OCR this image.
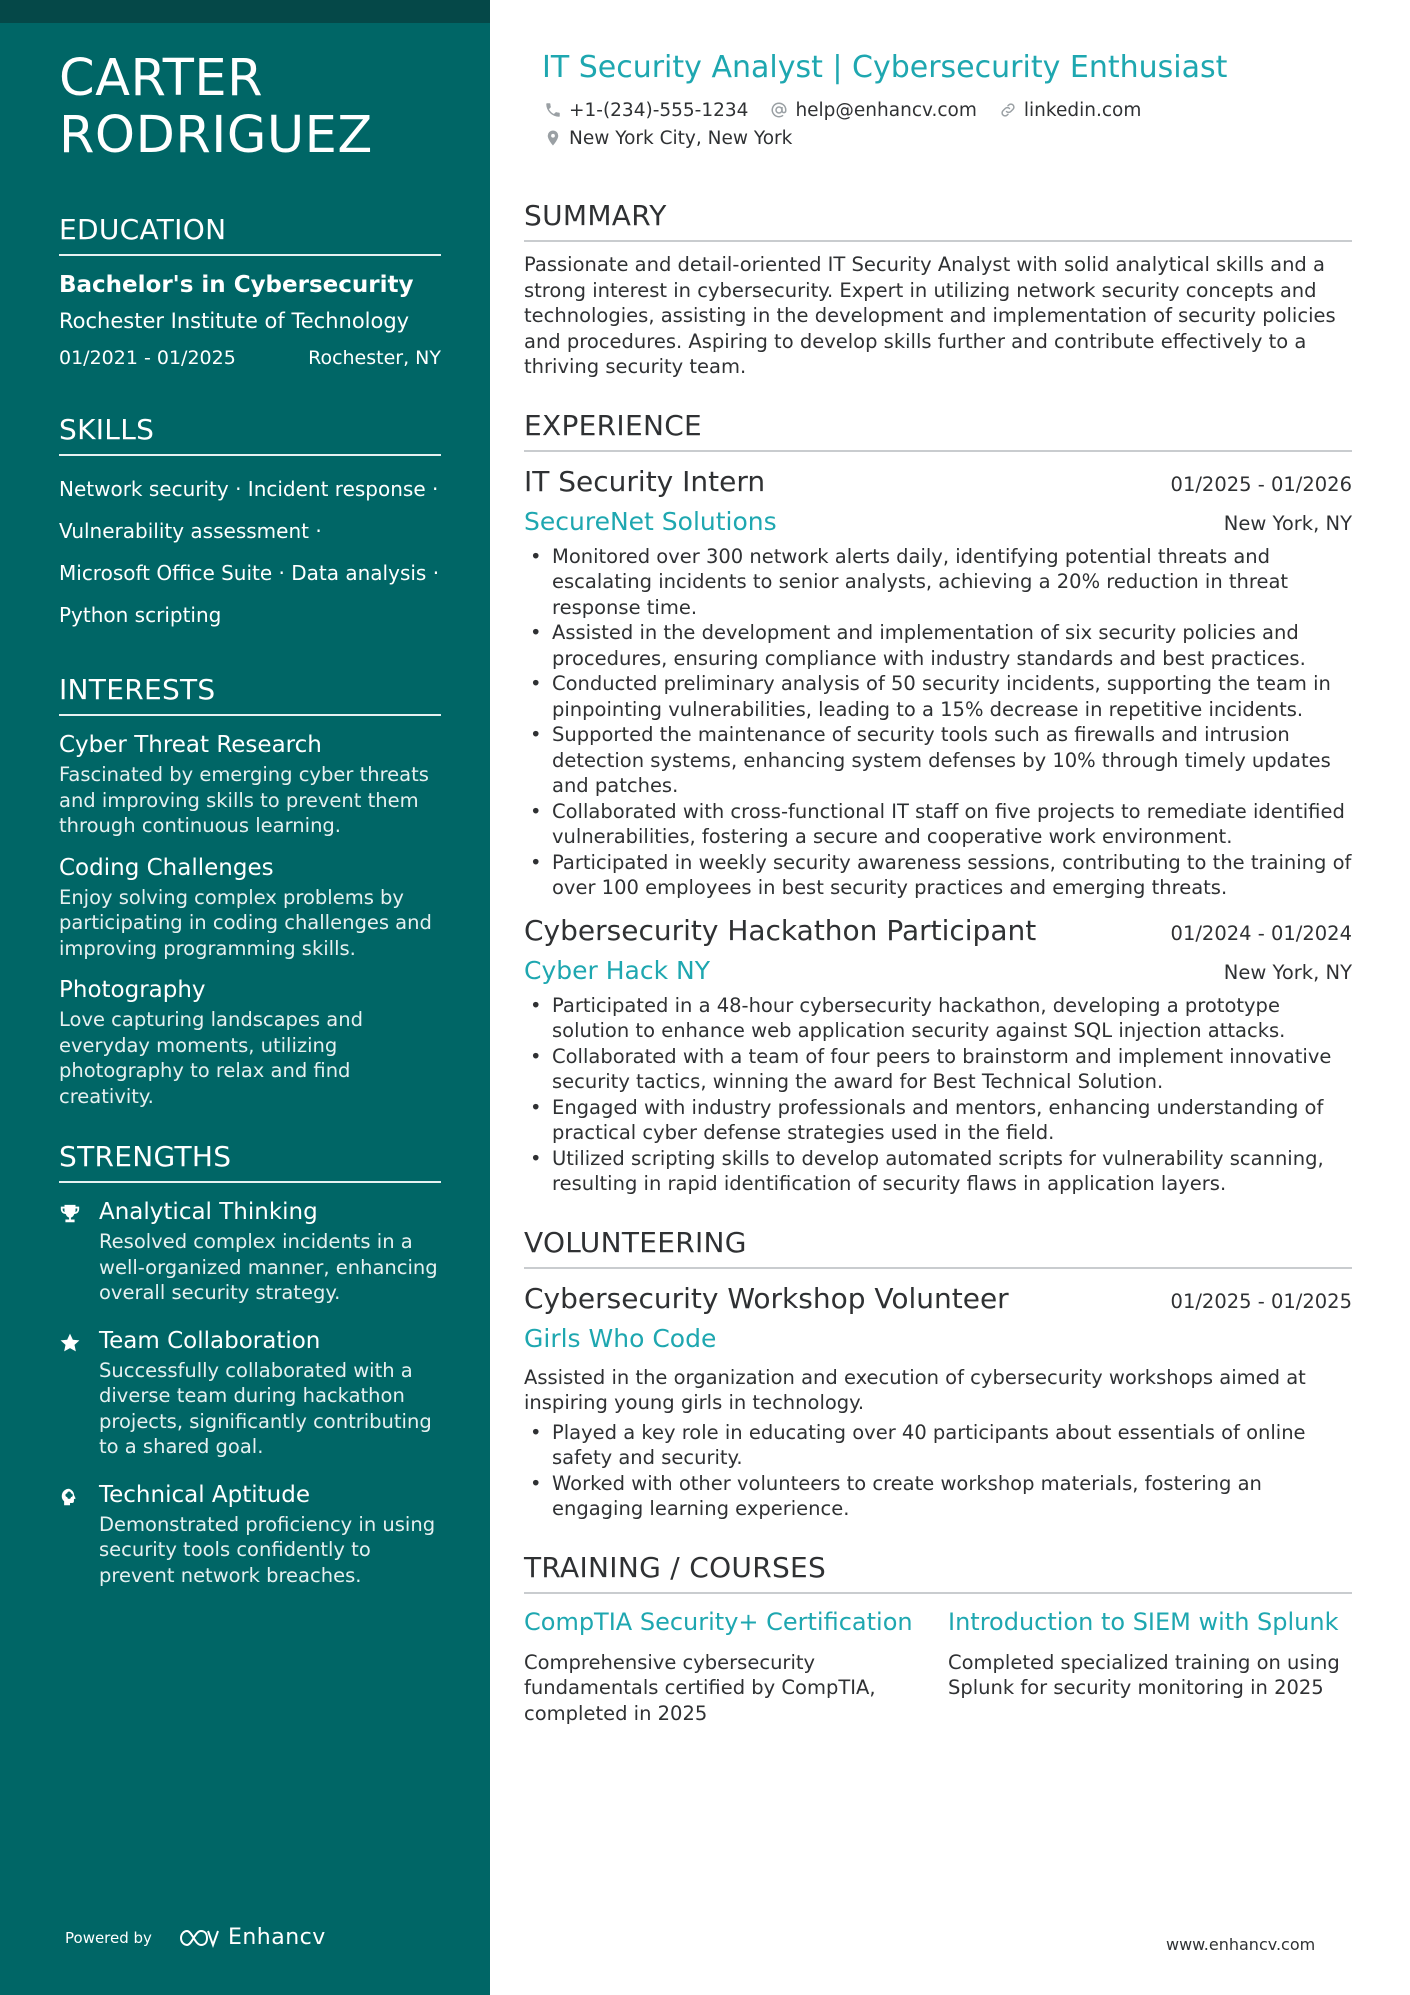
CARTER
RODRIGUEZ
EDUCATION
Bachelor's in Cybersecurity
Rochester Institute of Technology
01/2021 - 01/2025	Rochester, NY
SKILLS
Network security · Incident response ·
Vulnerability assessment ·
Microsoft Office Suite · Data analysis ·
Python scripting
INTERESTS
Cyber Threat Research
Fascinated by emerging cyber threats and improving skills to prevent them through continuous learning.
Coding Challenges
Enjoy solving complex problems by participating in coding challenges and improving programming skills.
Photography
Love capturing landscapes and everyday moments, utilizing photography to relax and find creativity.
STRENGTHS
Analytical Thinking
Resolved complex incidents in a well-organized manner, enhancing overall security strategy.
Team Collaboration
Successfully collaborated with a diverse team during hackathon projects, significantly contributing to a shared goal.
Technical Aptitude
Demonstrated proficiency in using security tools confidently to prevent network breaches.
Powered by	Enhancv
IT Security Analyst | Cybersecurity Enthusiast
+1-(234)-555-1234	help@enhancv.com	linkedin.com
New York City, New York
SUMMARY
Passionate and detail-oriented IT Security Analyst with solid analytical skills and a strong interest in cybersecurity. Expert in utilizing network security concepts and technologies, assisting in the development and implementation of security policies and procedures. Aspiring to develop skills further and contribute effectively to a thriving security team.
EXPERIENCE
IT Security Intern	01/2025 - 01/2026
SecureNet Solutions	New York, NY
• Monitored over 300 network alerts daily, identifying potential threats and escalating incidents to senior analysts, achieving a 20% reduction in threat response time.
• Assisted in the development and implementation of six security policies and procedures, ensuring compliance with industry standards and best practices.
• Conducted preliminary analysis of 50 security incidents, supporting the team in pinpointing vulnerabilities, leading to a 15% decrease in repetitive incidents.
• Supported the maintenance of security tools such as firewalls and intrusion detection systems, enhancing system defenses by 10% through timely updates and patches.
• Collaborated with cross-functional IT staff on five projects to remediate identified vulnerabilities, fostering a secure and cooperative work environment.
• Participated in weekly security awareness sessions, contributing to the training of over 100 employees in best security practices and emerging threats.
Cybersecurity Hackathon Participant	01/2024 - 01/2024
Cyber Hack NY	New York, NY
• Participated in a 48-hour cybersecurity hackathon, developing a prototype solution to enhance web application security against SQL injection attacks.
• Collaborated with a team of four peers to brainstorm and implement innovative security tactics, winning the award for Best Technical Solution.
• Engaged with industry professionals and mentors, enhancing understanding of practical cyber defense strategies used in the field.
• Utilized scripting skills to develop automated scripts for vulnerability scanning, resulting in rapid identification of security flaws in application layers.
VOLUNTEERING
Cybersecurity Workshop Volunteer	01/2025 - 01/2025
Girls Who Code
Assisted in the organization and execution of cybersecurity workshops aimed at inspiring young girls in technology.
• Played a key role in educating over 40 participants about essentials of online safety and security.
• Worked with other volunteers to create workshop materials, fostering an engaging learning experience.
TRAINING / COURSES
CompTIA Security+ Certification
Comprehensive cybersecurity fundamentals certified by CompTIA, completed in 2025
Introduction to SIEM with Splunk
Completed specialized training on using Splunk for security monitoring in 2025
www.enhancv.com
